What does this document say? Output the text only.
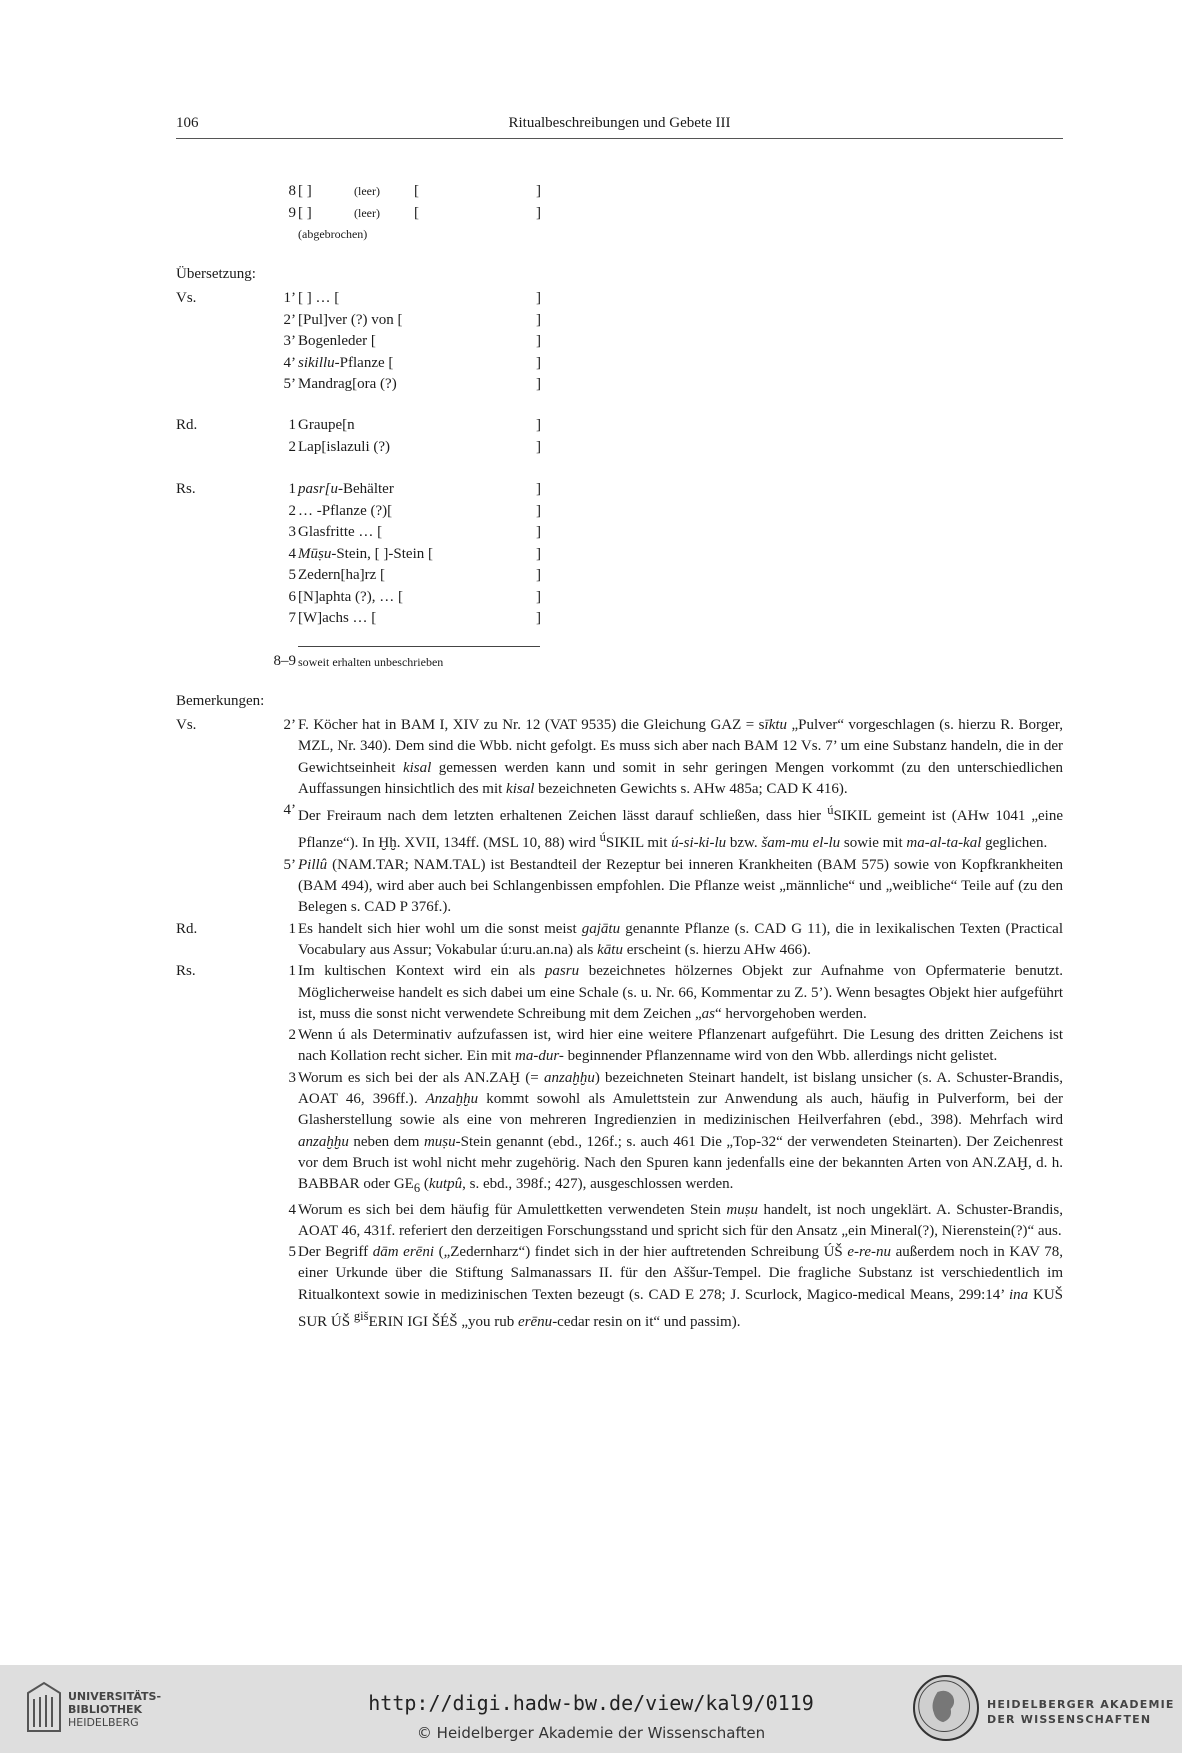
106	Ritualbeschreibungen und Gebete III
8 [ ]	(leer) [	]
9 [ ]	(leer) [	]
(abgebrochen)
Übersetzung:
Vs.	1’ [ ] … [	]
2’ [Pul]ver (?) von [	]
3’ Bogenleder [	]
4’ sikillu-Pflanze [	]
5’ Mandrag[ora (?)	]
Rd.	1 Graupe[n	]
2 Lap[islazuli (?)	]
Rs.	1 pasr[u-Behälter	]
2 … -Pflanze (?)[	]
3 Glasfritte … [	]
4 Mūṣu-Stein, [ ]-Stein [	]
5 Zedern[ha]rz [	]
6 [N]aphta (?), … [	]
7 [W]achs … [	]
8–9 soweit erhalten unbeschrieben
Bemerkungen:
Vs.	2’ F. Köcher hat in BAM I, XIV zu Nr. 12 (VAT 9535) die Gleichung GAZ = sīktu „Pulver“ vorgeschlagen (s. hierzu R. Borger, MZL, Nr. 340). Dem sind die Wbb. nicht gefolgt. Es muss sich aber nach BAM 12 Vs. 7’ um eine Substanz handeln, die in der Gewichtseinheit kisal gemessen werden kann und somit in sehr geringen Mengen vorkommt (zu den unterschiedlichen Auffassungen hinsichtlich des mit kisal bezeichneten Gewichts s. AHw 485a; CAD K 416).
4’ Der Freiraum nach dem letzten erhaltenen Zeichen lässt darauf schließen, dass hier $^ú$SIKIL gemeint ist (AHw 1041 „eine Pflanze“). In Ḫḫ. XVII, 134ff. (MSL 10, 88) wird $^ú$SIKIL mit ú-si-ki-lu bzw. šam-mu el-lu sowie mit ma-al-ta-kal geglichen.
5’ Pillû (NAM.TAR; NAM.TAL) ist Bestandteil der Rezeptur bei inneren Krankheiten (BAM 575) sowie von Kopfkrankheiten (BAM 494), wird aber auch bei Schlangenbissen empfohlen. Die Pflanze weist „männliche“ und „weibliche“ Teile auf (zu den Belegen s. CAD P 376f.).
Rd.	1 Es handelt sich hier wohl um die sonst meist gajātu genannte Pflanze (s. CAD G 11), die in lexikalischen Texten (Practical Vocabulary aus Assur; Vokabular ú:uru.an.na) als kātu erscheint (s. hierzu AHw 466).
Rs.	1 Im kultischen Kontext wird ein als pasru bezeichnetes hölzernes Objekt zur Aufnahme von Opfermaterie benutzt. Möglicherweise handelt es sich dabei um eine Schale (s. u. Nr. 66, Kommentar zu Z. 5’). Wenn besagtes Objekt hier aufgeführt ist, muss die sonst nicht verwendete Schreibung mit dem Zeichen „as“ hervorgehoben werden.
2 Wenn ú als Determinativ aufzufassen ist, wird hier eine weitere Pflanzenart aufgeführt. Die Lesung des dritten Zeichens ist nach Kollation recht sicher. Ein mit ma-dur- beginnender Pflanzenname wird von den Wbb. allerdings nicht gelistet.
3 Worum es sich bei der als AN.ZAḪ (= anzaḫḫu) bezeichneten Steinart handelt, ist bislang unsicher (s. A. Schuster-Brandis, AOAT 46, 396ff.). Anzaḫḫu kommt sowohl als Amulettstein zur Anwendung als auch, häufig in Pulverform, bei der Glasherstellung sowie als eine von mehreren Ingredienzien in medizinischen Heilverfahren (ebd., 398). Mehrfach wird anzaḫḫu neben dem muṣu-Stein genannt (ebd., 126f.; s. auch 461 Die „Top-32“ der verwendeten Steinarten). Der Zeichenrest vor dem Bruch ist wohl nicht mehr zugehörig. Nach den Spuren kann jedenfalls eine der bekannten Arten von AN.ZAḪ, d. h. BABBAR oder $GE_6$ (kutpû, s. ebd., 398f.; 427), ausgeschlossen werden.
4 Worum es sich bei dem häufig für Amulettketten verwendeten Stein muṣu handelt, ist noch ungeklärt. A. Schuster-Brandis, AOAT 46, 431f. referiert den derzeitigen Forschungsstand und spricht sich für den Ansatz „ein Mineral(?), Nierenstein(?)“ aus.
5 Der Begriff dām erēni („Zedernharz“) findet sich in der hier auftretenden Schreibung ÚŠ e-re-nu außerdem noch in KAV 78, einer Urkunde über die Stiftung Salmanassars II. für den Aššur-Tempel. Die fragliche Substanz ist verschiedentlich im Ritualkontext sowie in medizinischen Texten bezeugt (s. CAD E 278; J. Scurlock, Magico-medical Means, 299:14’ ina KUŠ SUR ÚŠ $^{giš}$ERIN IGI ŠÉŠ „you rub erēnu-cedar resin on it“ und passim).
UNIVERSITÄTS-
BIBLIOTHEK
HEIDELBERG
http://digi.hadw-bw.de/view/kal9/0119
© Heidelberger Akademie der Wissenschaften
HEIDELBERGER AKADEMIE
DER WISSENSCHAFTEN
